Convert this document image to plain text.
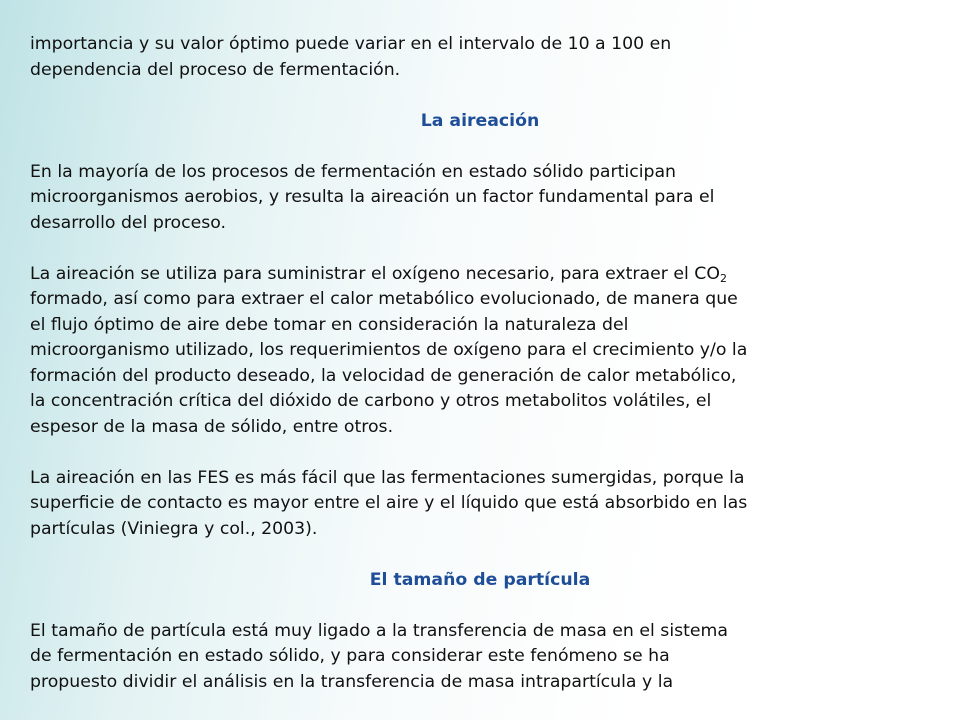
importancia y su valor óptimo puede variar en el intervalo de 10 a 100 en

dependencia del proceso de fermentación.

La aireación

En la mayoría de los procesos de fermentación en estado sólido participan

microorganismos aerobios, y resulta la aireación un factor fundamental para el

desarrollo del proceso.

La aireación se utiliza para suministrar el oxígeno necesario, para extraer el $CO_2$

formado, así como para extraer el calor metabólico evolucionado, de manera que

el flujo óptimo de aire debe tomar en consideración la naturaleza del

microorganismo utilizado, los requerimientos de oxígeno para el crecimiento y/o la

formación del producto deseado, la velocidad de generación de calor metabólico,

la concentración crítica del dióxido de carbono y otros metabolitos volátiles, el

espesor de la masa de sólido, entre otros.

La aireación en las FES es más fácil que las fermentaciones sumergidas, porque la

superficie de contacto es mayor entre el aire y el líquido que está absorbido en las

partículas (Viniegra y col., 2003).

El tamaño de partícula

El tamaño de partícula está muy ligado a la transferencia de masa en el sistema

de fermentación en estado sólido, y para considerar este fenómeno se ha

propuesto dividir el análisis en la transferencia de masa intrapartícula y la
